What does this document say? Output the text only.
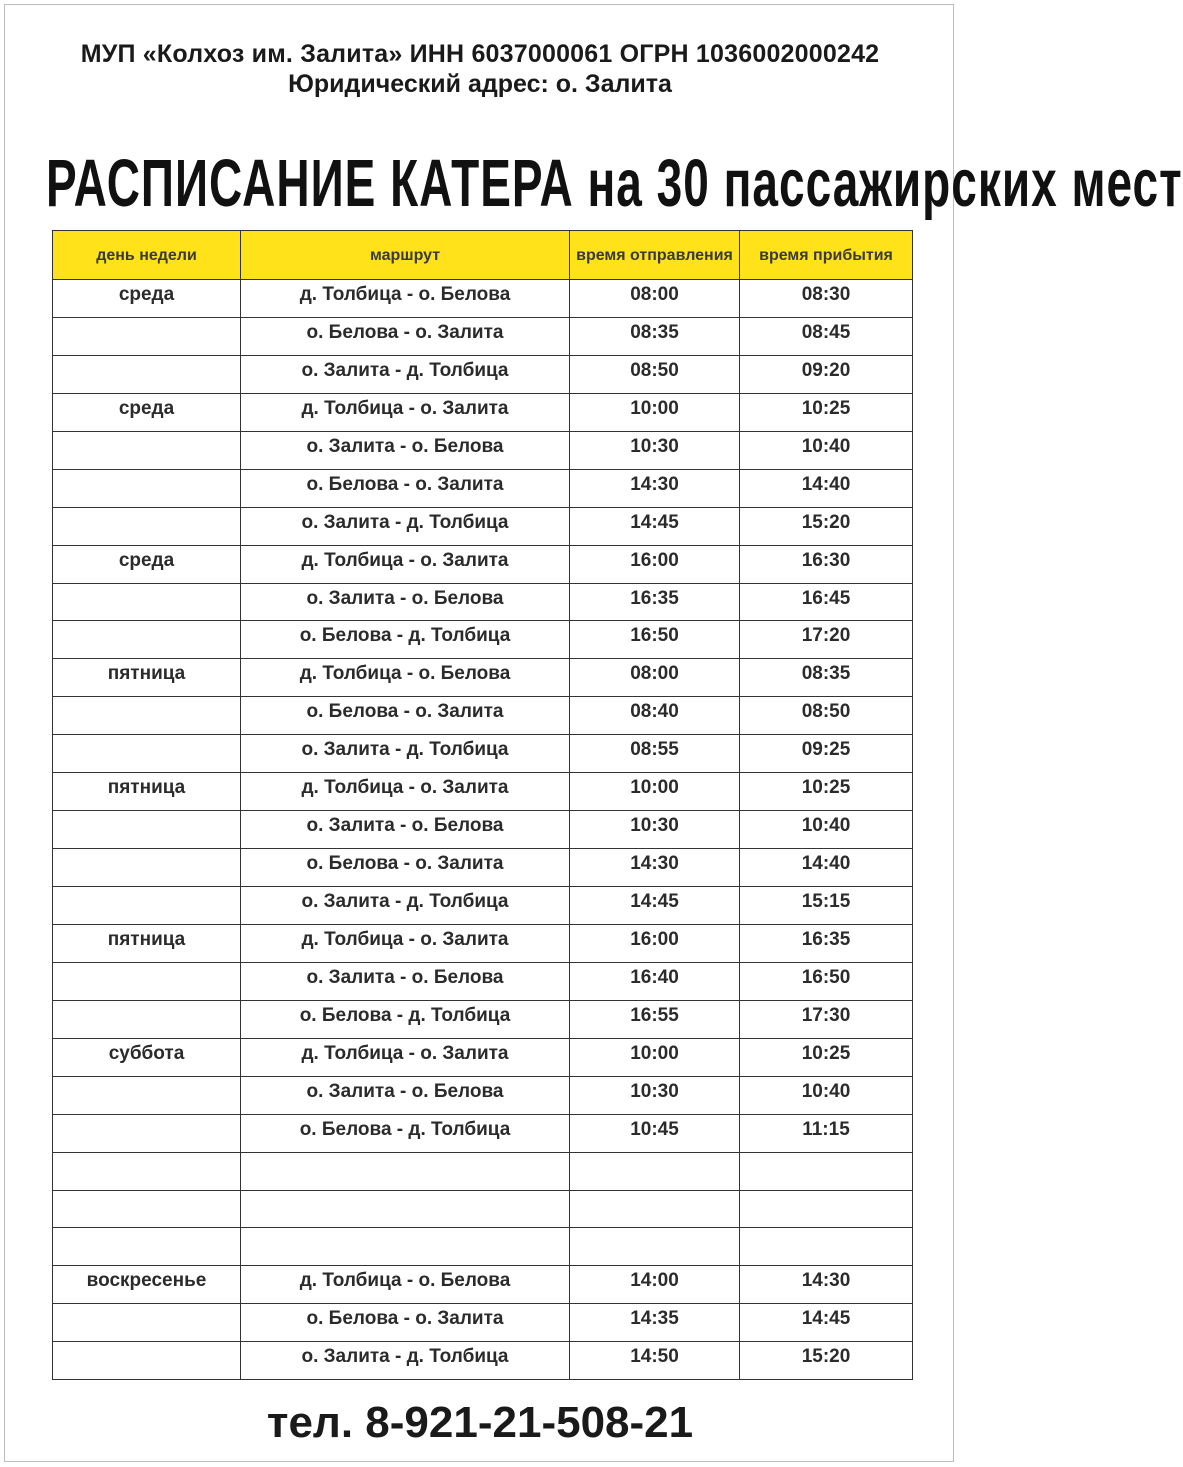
МУП «Колхоз им. Залита» ИНН 6037000061 ОГРН 1036002000242
Юридический адрес: о. Залита
РАСПИСАНИЕ КАТЕРА на 30 пассажирских мест
день недели	маршрут	время отправления	время прибытия
среда	д. Толбица - о. Белова	08:00	08:30
	о. Белова - о. Залита	08:35	08:45
	о. Залита - д. Толбица	08:50	09:20
среда	д. Толбица - о. Залита	10:00	10:25
	о. Залита - о. Белова	10:30	10:40
	о. Белова - о. Залита	14:30	14:40
	о. Залита - д. Толбица	14:45	15:20
среда	д. Толбица - о. Залита	16:00	16:30
	о. Залита - о. Белова	16:35	16:45
	о. Белова - д. Толбица	16:50	17:20
пятница	д. Толбица - о. Белова	08:00	08:35
	о. Белова - о. Залита	08:40	08:50
	о. Залита - д. Толбица	08:55	09:25
пятница	д. Толбица - о. Залита	10:00	10:25
	о. Залита - о. Белова	10:30	10:40
	о. Белова - о. Залита	14:30	14:40
	о. Залита - д. Толбица	14:45	15:15
пятница	д. Толбица - о. Залита	16:00	16:35
	о. Залита - о. Белова	16:40	16:50
	о. Белова - д. Толбица	16:55	17:30
суббота	д. Толбица - о. Залита	10:00	10:25
	о. Залита - о. Белова	10:30	10:40
	о. Белова - д. Толбица	10:45	11:15

воскресенье	д. Толбица - о. Белова	14:00	14:30
	о. Белова - о. Залита	14:35	14:45
	о. Залита - д. Толбица	14:50	15:20
тел. 8-921-21-508-21
